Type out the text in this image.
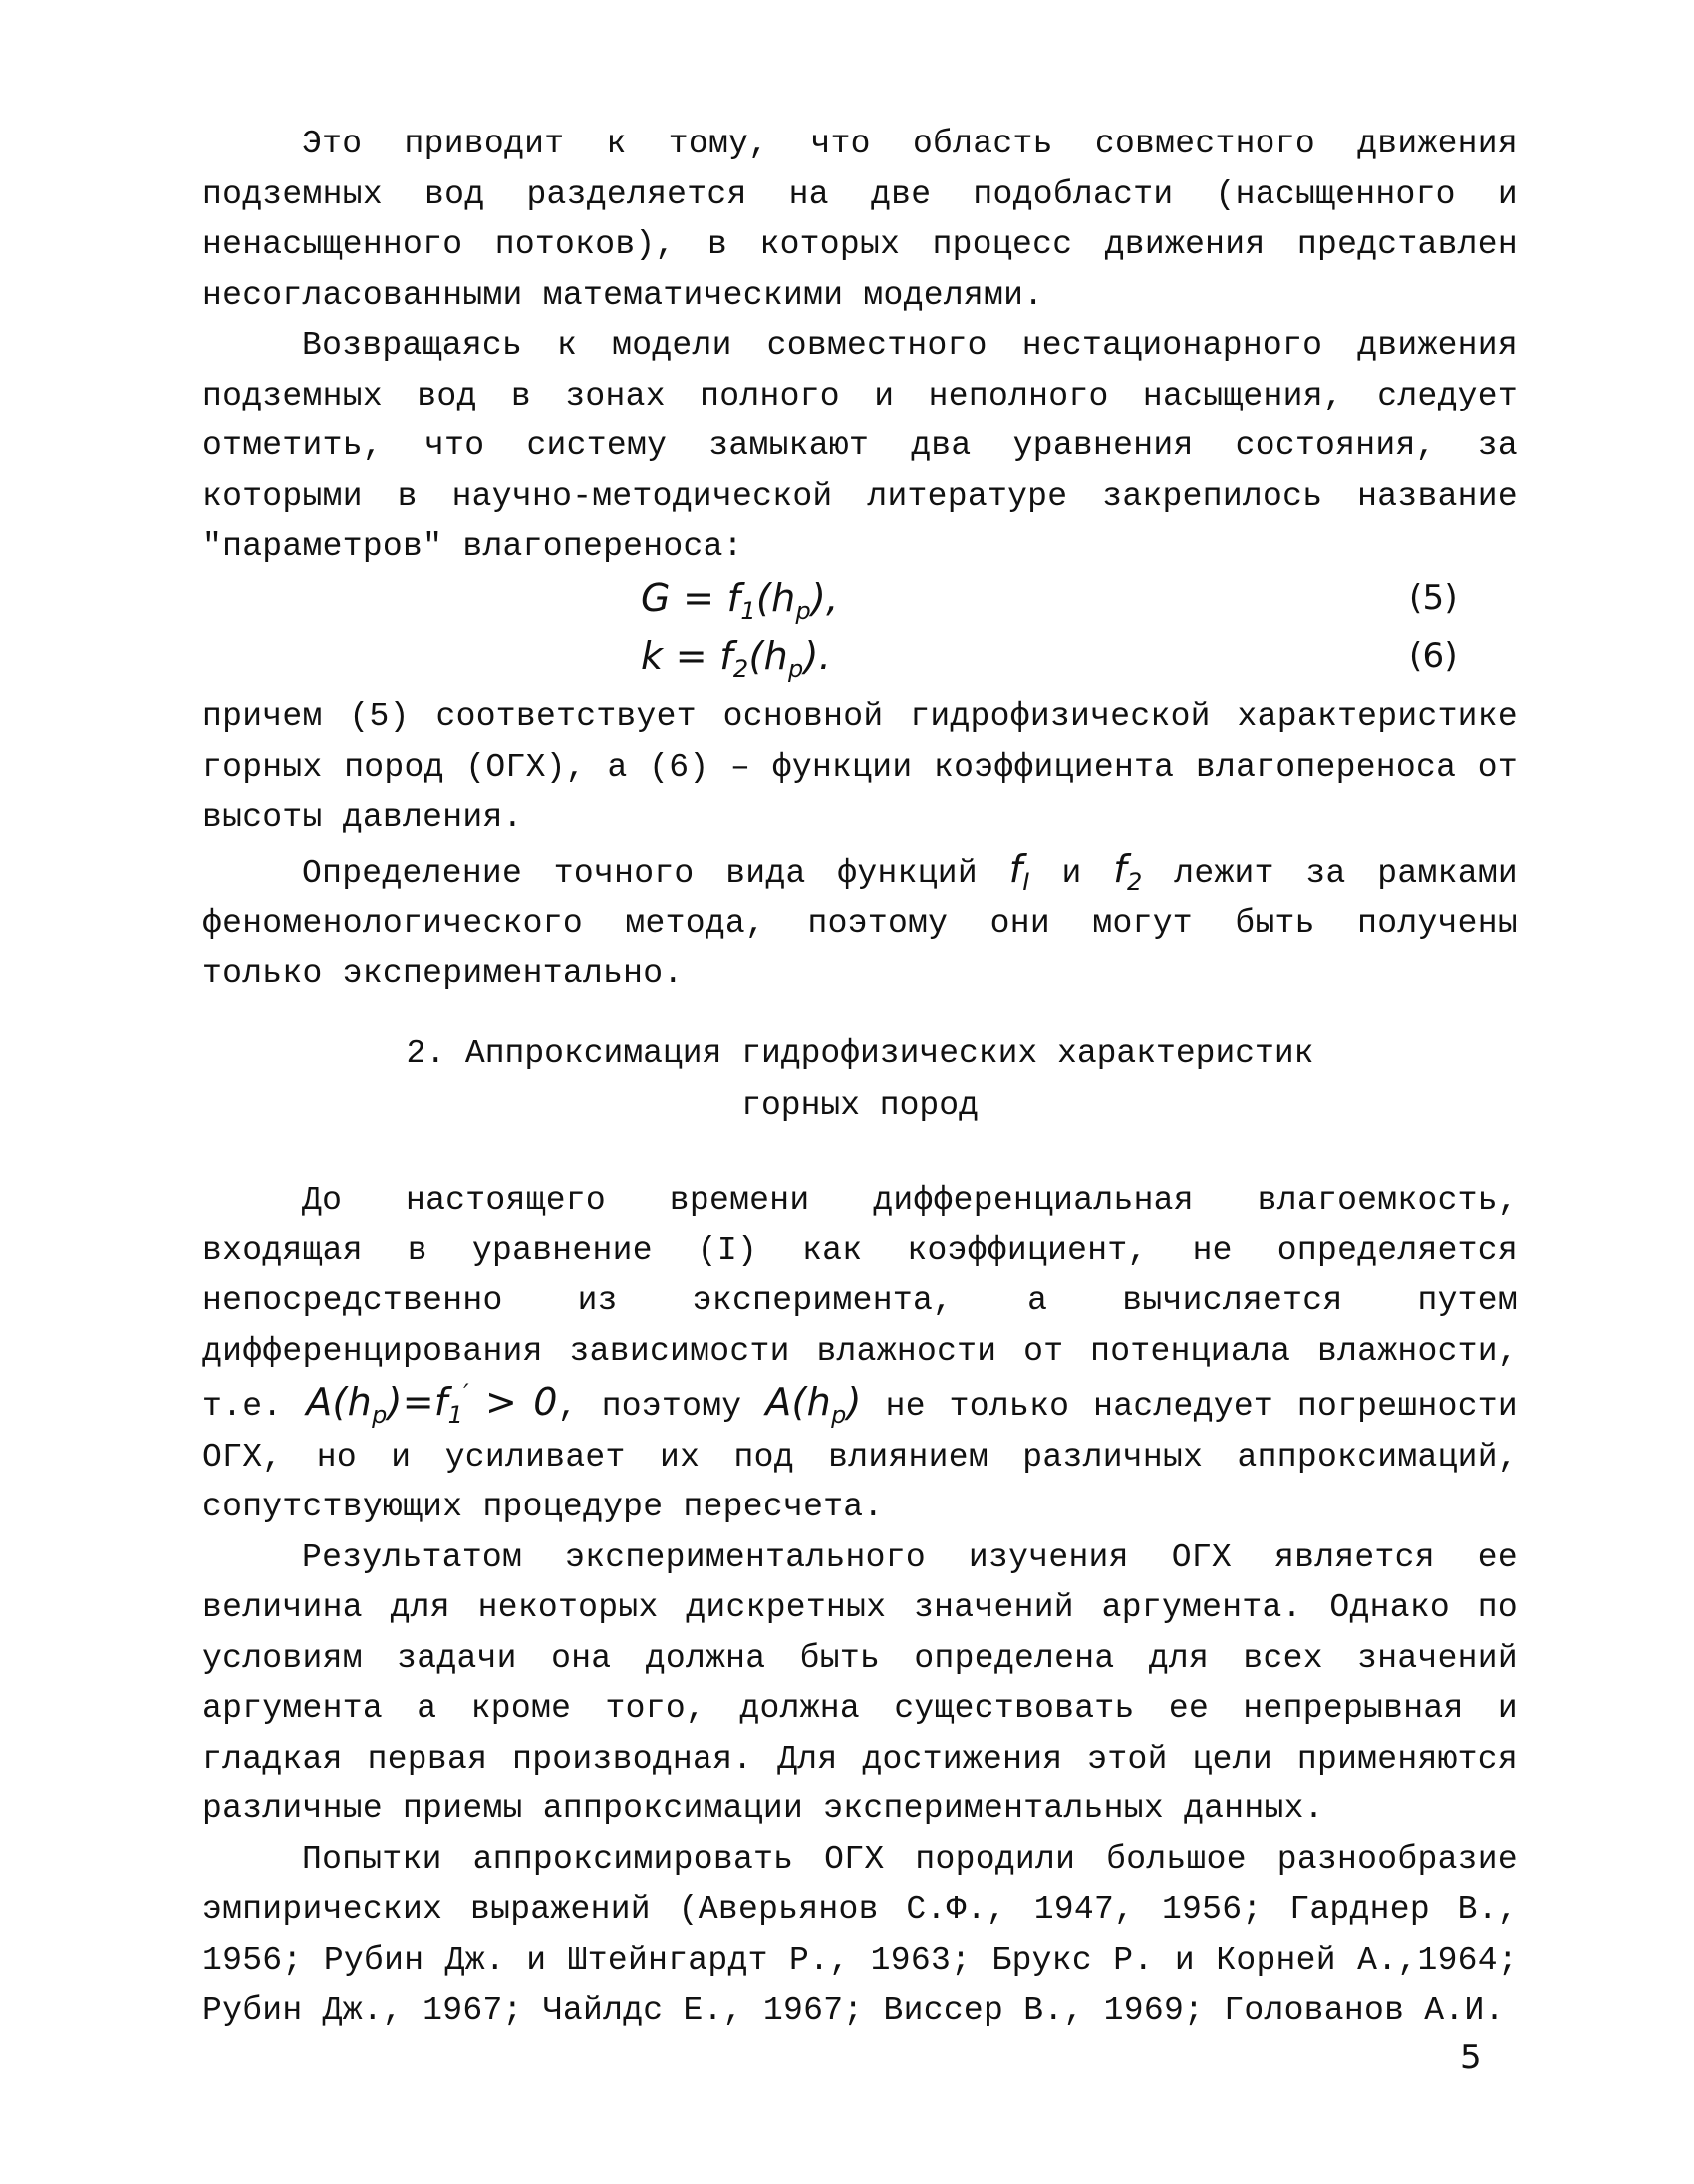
Это приводит к тому, что область совместного движения подземных вод разделяется на две подобласти (насыщенного и ненасыщенного потоков), в которых процесс движения представлен несогласованными математическими моделями.

Возвращаясь к модели совместного нестационарного движения подземных вод в зонах полного и неполного насыщения, следует отметить, что систему замыкают два уравнения состояния, за которыми в научно-методической литературе закрепилось название "параметров" влагопереноса:

$G = f_1(h_p)$,	(5)
$k = f_2(h_p)$.	(6)

причем (5) соответствует основной гидрофизической характеристике горных пород (ОГХ), а (6) – функции коэффициента влагопереноса от высоты давления.

Определение точного вида функций $f_I$ и $f_2$ лежит за рамками феноменологического метода, поэтому они могут быть получены только экспериментально.

2. Аппроксимация гидрофизических характеристик
горных пород

До настоящего времени дифференциальная влагоемкость, входящая в уравнение (I) как коэффициент, не определяется непосредственно из эксперимента, а вычисляется путем дифференцирования зависимости влажности от потенциала влажности, т.е. $A(h_p)=f_1' > 0$, поэтому $A(h_p)$ не только наследует погрешности ОГХ, но и усиливает их под влиянием различных аппроксимаций, сопутствующих процедуре пересчета.

Результатом экспериментального изучения ОГХ является ее величина для некоторых дискретных значений аргумента. Однако по условиям задачи она должна быть определена для всех значений аргумента а кроме того, должна существовать ее непрерывная и гладкая первая производная. Для достижения этой цели применяются различные приемы аппроксимации экспериментальных данных.

Попытки аппроксимировать ОГХ породили большое разнообразие эмпирических выражений (Аверьянов С.Ф., 1947, 1956; Гарднер В., 1956; Рубин Дж. и Штейнгардт Р., 1963; Брукс Р. и Корней А.,1964; Рубин Дж., 1967; Чайлдс Е., 1967; Виссер В., 1969; Голованов А.И.

5
